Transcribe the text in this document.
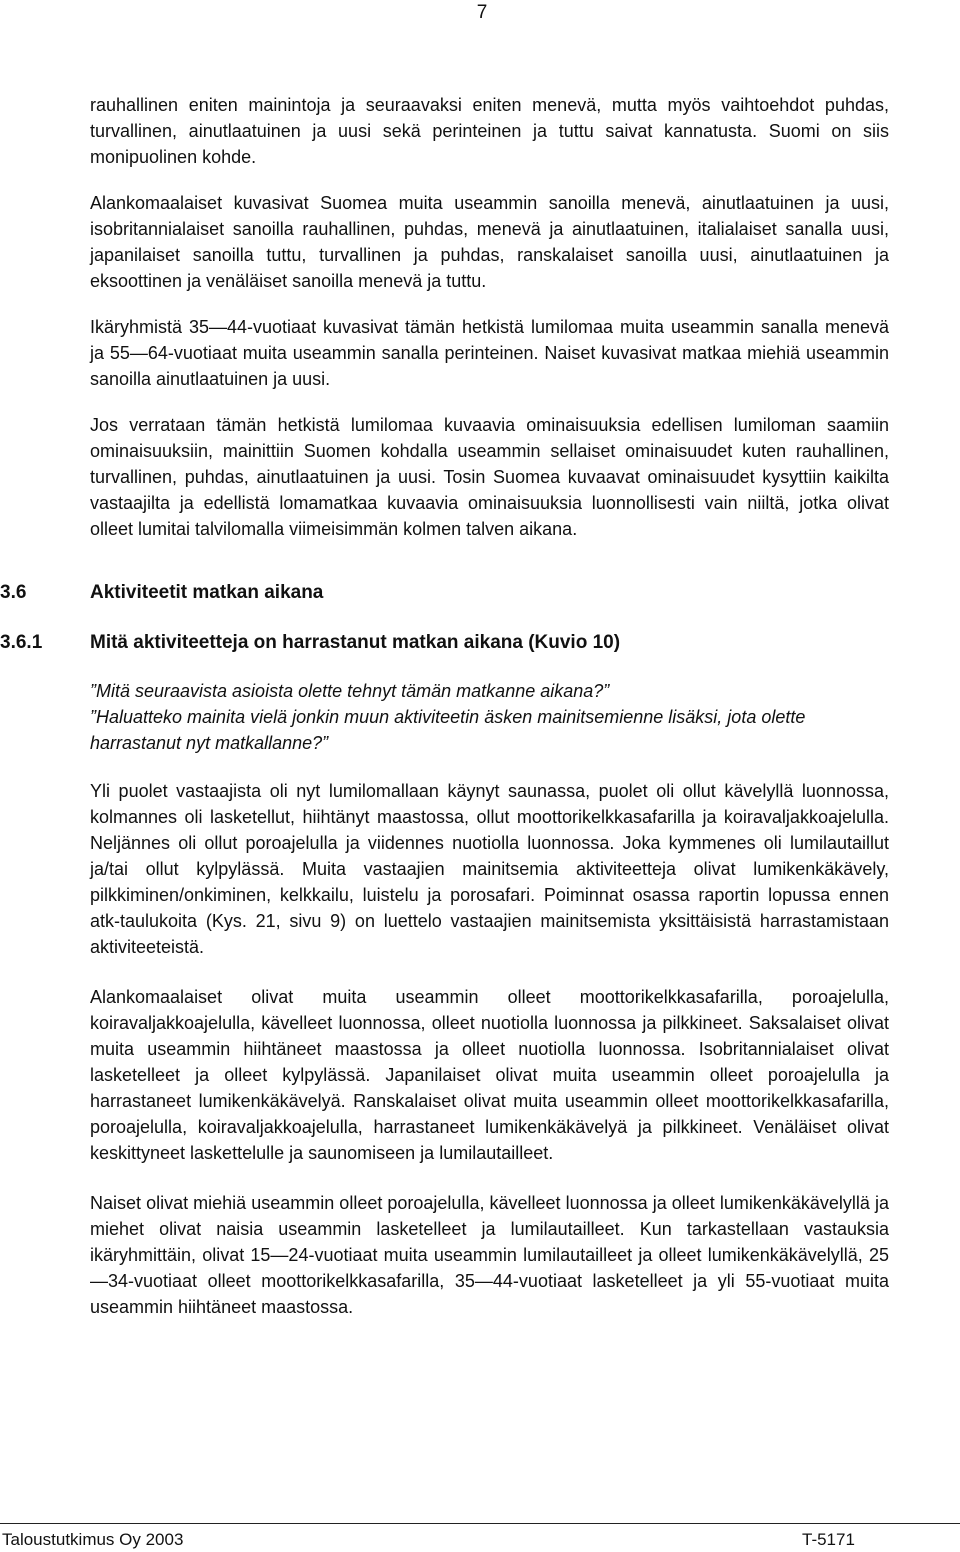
7

rauhallinen eniten mainintoja ja seuraavaksi eniten menevä, mutta myös vaihtoehdot puhdas, turvallinen, ainutlaatuinen ja uusi sekä perinteinen ja tuttu saivat kannatusta. Suomi on siis monipuolinen kohde.

Alankomaalaiset kuvasivat Suomea muita useammin sanoilla menevä, ainutlaatuinen ja uusi, isobritannialaiset sanoilla rauhallinen, puhdas, menevä ja ainutlaatuinen, italialaiset sanalla uusi, japanilaiset sanoilla tuttu, turvallinen ja puhdas, ranskalaiset sanoilla uusi, ainutlaatuinen ja eksoottinen ja venäläiset sanoilla menevä ja tuttu.

Ikäryhmistä 35—44-vuotiaat kuvasivat tämän hetkistä lumilomaa muita useammin sanalla menevä ja 55—64-vuotiaat muita useammin sanalla perinteinen. Naiset kuvasivat matkaa miehiä useammin sanoilla ainutlaatuinen ja uusi.

Jos verrataan tämän hetkistä lumilomaa kuvaavia ominaisuuksia edellisen lumiloman saamiin ominaisuuksiin, mainittiin Suomen kohdalla useammin sellaiset ominaisuudet kuten rauhallinen, turvallinen, puhdas, ainutlaatuinen ja uusi. Tosin Suomea kuvaavat ominaisuudet kysyttiin kaikilta vastaajilta ja edellistä lomamatkaa kuvaavia ominaisuuksia luonnollisesti vain niiltä, jotka olivat olleet lumitai talvilomalla viimeisimmän kolmen talven aikana.

3.6	Aktiviteetit matkan aikana
3.6.1	Mitä aktiviteetteja on harrastanut matkan aikana (Kuvio 10)

”Mitä seuraavista asioista olette tehnyt tämän matkanne aikana?”

”Haluatteko mainita vielä jonkin muun aktiviteetin äsken mainitsemienne lisäksi, jota olette harrastanut nyt matkallanne?”

Yli puolet vastaajista oli nyt lumilomallaan käynyt saunassa, puolet oli ollut kävelyllä luonnossa, kolmannes oli lasketellut, hiihtänyt maastossa, ollut moottorikelkkasafarilla ja koiravaljakkoajelulla. Neljännes oli ollut poroajelulla ja viidennes nuotiolla luonnossa. Joka kymmenes oli lumilautaillut ja/tai ollut kylpylässä. Muita vastaajien mainitsemia aktiviteetteja olivat lumikenkäkävely, pilkkiminen/onkiminen, kelkkailu, luistelu ja porosafari. Poiminnat osassa raportin lopussa ennen atk-taulukoita (Kys. 21, sivu 9) on luettelo vastaajien mainitsemista yksittäisistä harrastamistaan aktiviteeteistä.

Alankomaalaiset olivat muita useammin olleet moottorikelkkasafarilla, poroajelulla, koiravaljakkoajelulla, kävelleet luonnossa, olleet nuotiolla luonnossa ja pilkkineet. Saksalaiset olivat muita useammin hiihtäneet maastossa ja olleet nuotiolla luonnossa. Isobritannialaiset olivat lasketelleet ja olleet kylpylässä. Japanilaiset olivat muita useammin olleet poroajelulla ja harrastaneet lumikenkäkävelyä. Ranskalaiset olivat muita useammin olleet moottorikelkkasafarilla, poroajelulla, koiravaljakkoajelulla, harrastaneet lumikenkäkävelyä ja pilkkineet. Venäläiset olivat keskittyneet laskettelulle ja saunomiseen ja lumilautailleet.

Naiset olivat miehiä useammin olleet poroajelulla, kävelleet luonnossa ja olleet lumikenkäkävelyllä ja miehet olivat naisia useammin lasketelleet ja lumilautailleet. Kun tarkastellaan vastauksia ikäryhmittäin, olivat 15—24-vuotiaat muita useammin lumilautailleet ja olleet lumikenkäkävelyllä, 25—34-vuotiaat olleet moottorikelkkasafarilla, 35—44-vuotiaat lasketelleet ja yli 55-vuotiaat muita useammin hiihtäneet maastossa.

Taloustutkimus Oy 2003	T-5171
